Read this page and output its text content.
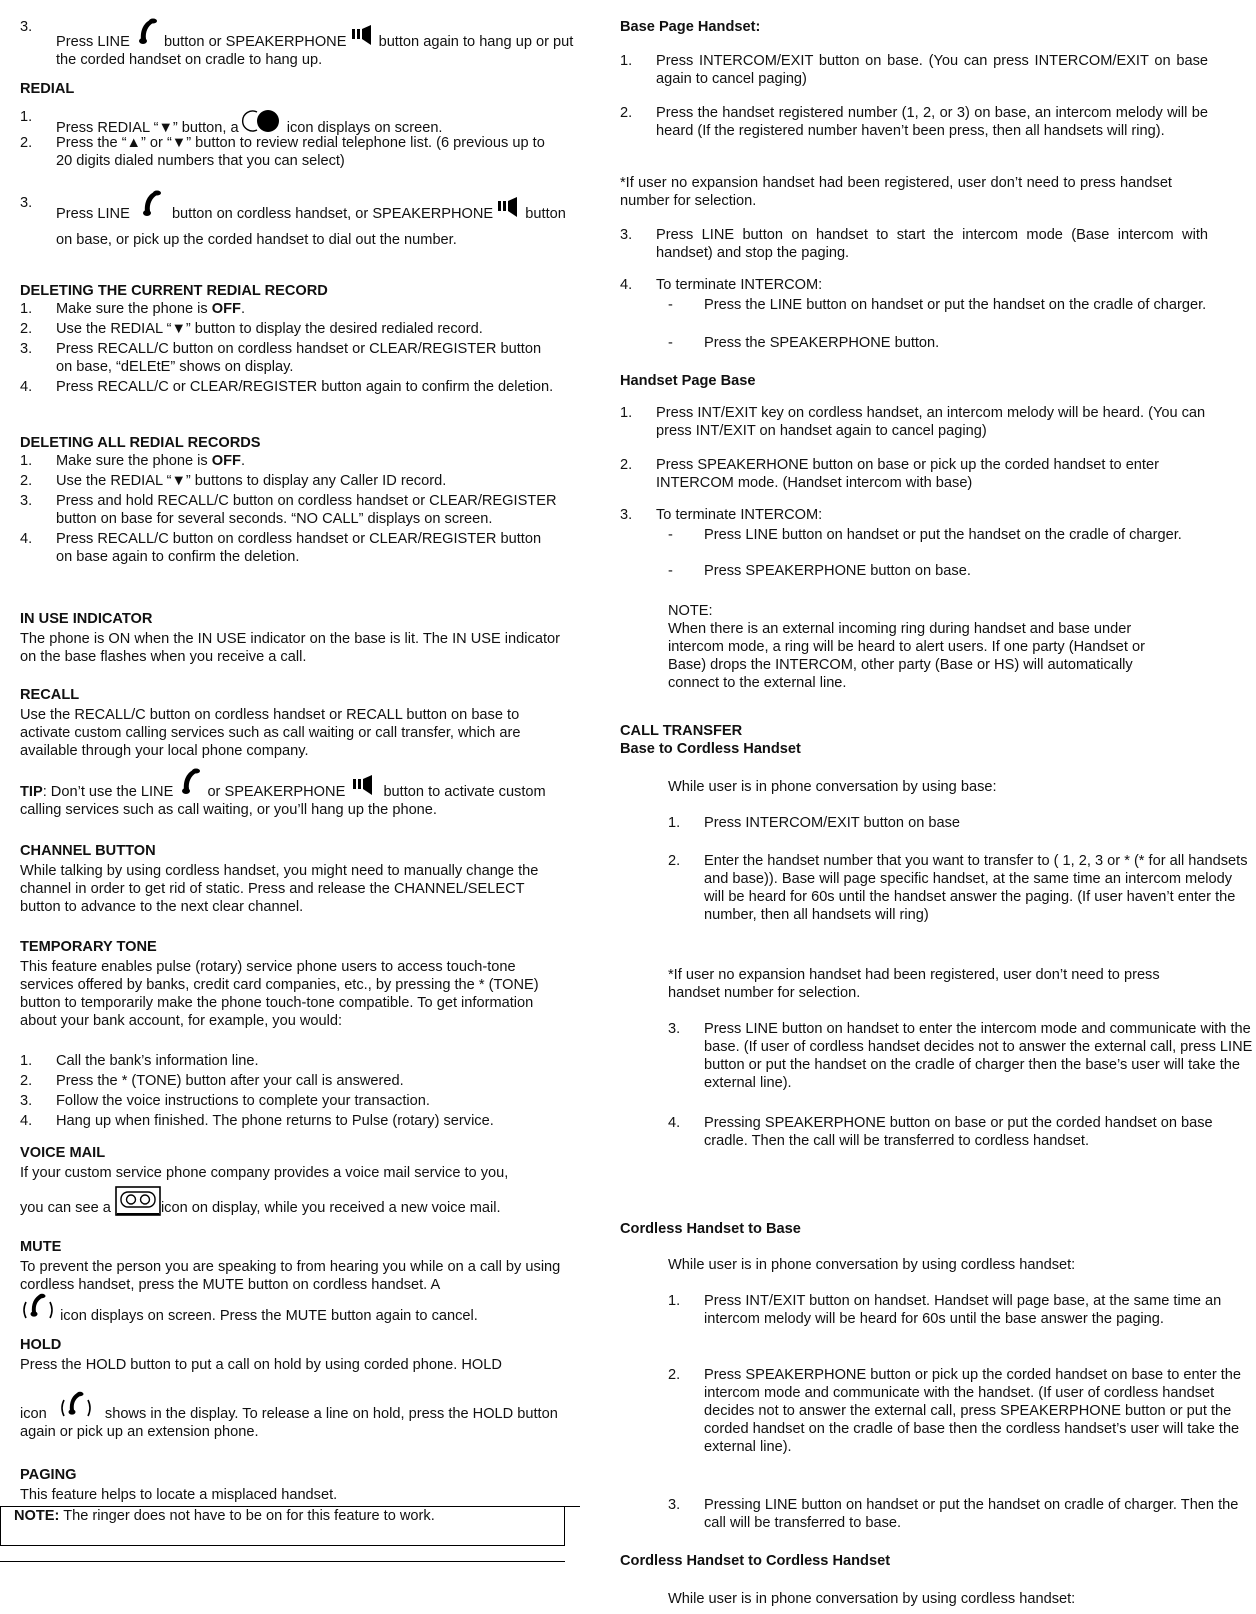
3.
Press LINE button or SPEAKERPHONE button again to hang up or put the corded handset on cradle to hang up.
REDIAL
1.
Press REDIAL “▼” button, a	icon displays on screen.
2. Press the “▲” or “▼” button to review redial telephone list. (6 previous up to 20 digits dialed numbers that you can select)
3.
Press LINE	button on cordless handset, or SPEAKERPHONE button on base, or pick up the corded handset to dial out the number.
DELETING THE CURRENT REDIAL RECORD
1. Make sure the phone is OFF.
2. Use the REDIAL “▼” button to display the desired redialed record.
3. Press RECALL/C button on cordless handset or CLEAR/REGISTER button on base, “dELEtE” shows on display.
4. Press RECALL/C or CLEAR/REGISTER button again to confirm the deletion.
DELETING ALL REDIAL RECORDS
1. Make sure the phone is OFF.
2. Use the REDIAL “▼” buttons to display any Caller ID record.
3. Press and hold RECALL/C button on cordless handset or CLEAR/REGISTER button on base for several seconds. “NO CALL” displays on screen.
4. Press RECALL/C button on cordless handset or CLEAR/REGISTER button on base again to confirm the deletion.
IN USE INDICATOR
The phone is ON when the IN USE indicator on the base is lit. The IN USE indicator on the base flashes when you receive a call.
RECALL
Use the RECALL/C button on cordless handset or RECALL button on base to activate custom calling services such as call waiting or call transfer, which are available through your local phone company.
TIP: Don’t use the LINE or SPEAKERPHONE	button to activate custom calling services such as call waiting, or you’ll hang up the phone.
CHANNEL BUTTON
While talking by using cordless handset, you might need to manually change the channel in order to get rid of static. Press and release the CHANNEL/SELECT button to advance to the next clear channel.
TEMPORARY TONE
This feature enables pulse (rotary) service phone users to access touch-tone services offered by banks, credit card companies, etc., by pressing the * (TONE) button to temporarily make the phone touch-tone compatible. To get information about your bank account, for example, you would:
1. Call the bank’s information line.
2. Press the * (TONE) button after your call is answered.
3. Follow the voice instructions to complete your transaction.
4. Hang up when finished. The phone returns to Pulse (rotary) service.
VOICE MAIL
If your custom service phone company provides a voice mail service to you,
you can see a	icon on display, while you received a new voice mail.
MUTE
To prevent the person you are speaking to from hearing you while on a call by using cordless handset, press the MUTE button on cordless handset. A
icon displays on screen. Press the MUTE button again to cancel.
HOLD
Press the HOLD button to put a call on hold by using corded phone. HOLD
icon	shows in the display. To release a line on hold, press the HOLD button again or pick up an extension phone.
PAGING
This feature helps to locate a misplaced handset.
NOTE: The ringer does not have to be on for this feature to work.
Base Page Handset:
1. Press INTERCOM/EXIT button on base. (You can press INTERCOM/EXIT on base again to cancel paging)
2. Press the handset registered number (1, 2, or 3) on base, an intercom melody will be heard (If the registered number haven’t been press, then all handsets will ring).
*If user no expansion handset had been registered, user don’t need to press handset number for selection.
3. Press LINE button on handset to start the intercom mode (Base intercom with handset) and stop the paging.
4. To terminate INTERCOM:
- Press the LINE button on handset or put the handset on the cradle of charger.
- Press the SPEAKERPHONE button.
Handset Page Base
1. Press INT/EXIT key on cordless handset, an intercom melody will be heard. (You can press INT/EXIT on handset again to cancel paging)
2. Press SPEAKERHONE button on base or pick up the corded handset to enter INTERCOM mode. (Handset intercom with base)
3. To terminate INTERCOM:
- Press LINE button on handset or put the handset on the cradle of charger.
- Press SPEAKERPHONE button on base.
NOTE:
When there is an external incoming ring during handset and base under intercom mode, a ring will be heard to alert users. If one party (Handset or Base) drops the INTERCOM, other party (Base or HS) will automatically connect to the external line.
CALL TRANSFER
Base to Cordless Handset
While user is in phone conversation by using base:
1. Press INTERCOM/EXIT button on base
2. Enter the handset number that you want to transfer to ( 1, 2, 3 or * (* for all handsets and base)). Base will page specific handset, at the same time an intercom melody will be heard for 60s until the handset answer the paging. (If user haven’t enter the number, then all handsets will ring)
*If user no expansion handset had been registered, user don’t need to press handset number for selection.
3. Press LINE button on handset to enter the intercom mode and communicate with the base. (If user of cordless handset decides not to answer the external call, press LINE button or put the handset on the cradle of charger then the base’s user will take the external line).
4. Pressing SPEAKERPHONE button on base or put the corded handset on base cradle. Then the call will be transferred to cordless handset.
Cordless Handset to Base
While user is in phone conversation by using cordless handset:
1. Press INT/EXIT button on handset. Handset will page base, at the same time an intercom melody will be heard for 60s until the base answer the paging.
2. Press SPEAKERPHONE button or pick up the corded handset on base to enter the intercom mode and communicate with the handset. (If user of cordless handset decides not to answer the external call, press SPEAKERPHONE button or put the corded handset on the cradle of base then the cordless handset’s user will take the external line).
3. Pressing LINE button on handset or put the handset on cradle of charger. Then the call will be transferred to base.
Cordless Handset to Cordless Handset
While user is in phone conversation by using cordless handset:
